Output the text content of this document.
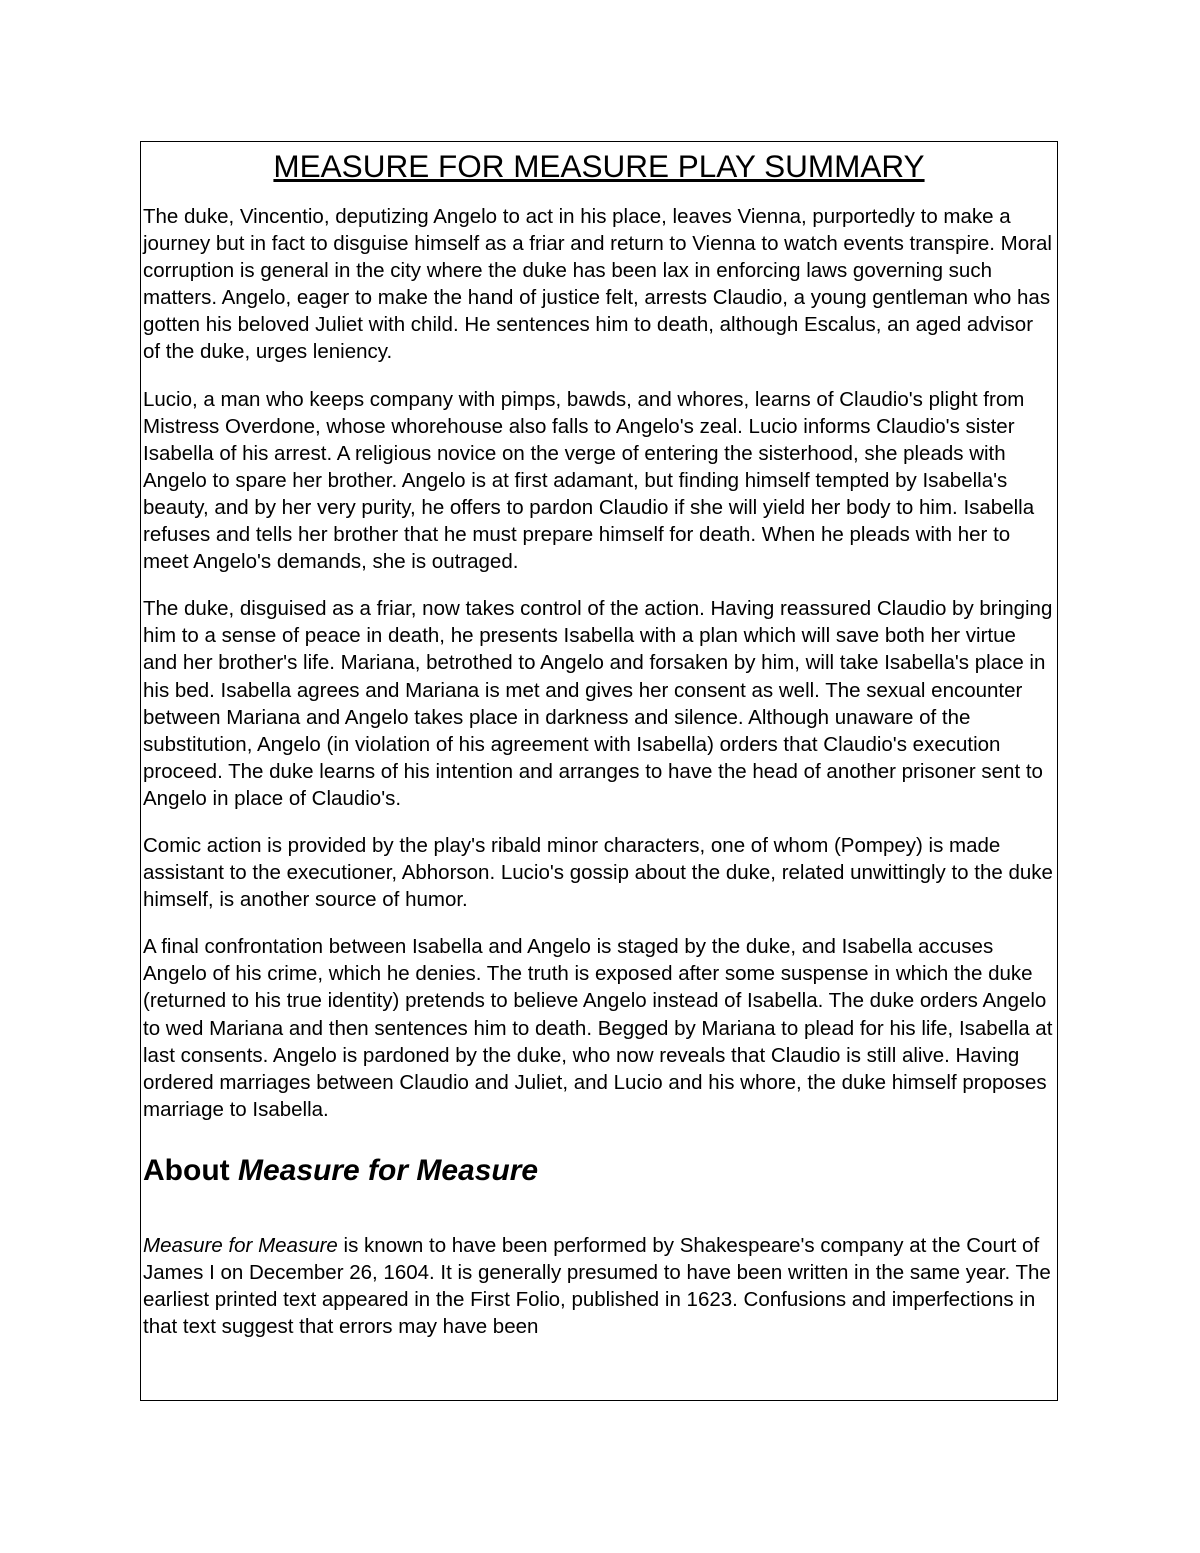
MEASURE FOR MEASURE PLAY SUMMARY

The duke, Vincentio, deputizing Angelo to act in his place, leaves Vienna, purportedly to make a journey but in fact to disguise himself as a friar and return to Vienna to watch events transpire. Moral corruption is general in the city where the duke has been lax in enforcing laws governing such matters. Angelo, eager to make the hand of justice felt, arrests Claudio, a young gentleman who has gotten his beloved Juliet with child. He sentences him to death, although Escalus, an aged advisor of the duke, urges leniency.

Lucio, a man who keeps company with pimps, bawds, and whores, learns of Claudio's plight from Mistress Overdone, whose whorehouse also falls to Angelo's zeal. Lucio informs Claudio's sister Isabella of his arrest. A religious novice on the verge of entering the sisterhood, she pleads with Angelo to spare her brother. Angelo is at first adamant, but finding himself tempted by Isabella's beauty, and by her very purity, he offers to pardon Claudio if she will yield her body to him. Isabella refuses and tells her brother that he must prepare himself for death. When he pleads with her to meet Angelo's demands, she is outraged.

The duke, disguised as a friar, now takes control of the action. Having reassured Claudio by bringing him to a sense of peace in death, he presents Isabella with a plan which will save both her virtue and her brother's life. Mariana, betrothed to Angelo and forsaken by him, will take Isabella's place in his bed. Isabella agrees and Mariana is met and gives her consent as well. The sexual encounter between Mariana and Angelo takes place in darkness and silence. Although unaware of the substitution, Angelo (in violation of his agreement with Isabella) orders that Claudio's execution proceed. The duke learns of his intention and arranges to have the head of another prisoner sent to Angelo in place of Claudio's.

Comic action is provided by the play's ribald minor characters, one of whom (Pompey) is made assistant to the executioner, Abhorson. Lucio's gossip about the duke, related unwittingly to the duke himself, is another source of humor.

A final confrontation between Isabella and Angelo is staged by the duke, and Isabella accuses Angelo of his crime, which he denies. The truth is exposed after some suspense in which the duke (returned to his true identity) pretends to believe Angelo instead of Isabella. The duke orders Angelo to wed Mariana and then sentences him to death. Begged by Mariana to plead for his life, Isabella at last consents. Angelo is pardoned by the duke, who now reveals that Claudio is still alive. Having ordered marriages between Claudio and Juliet, and Lucio and his whore, the duke himself proposes marriage to Isabella.

About Measure for Measure

Measure for Measure is known to have been performed by Shakespeare's company at the Court of James I on December 26, 1604. It is generally presumed to have been written in the same year. The earliest printed text appeared in the First Folio, published in 1623. Confusions and imperfections in that text suggest that errors may have been
